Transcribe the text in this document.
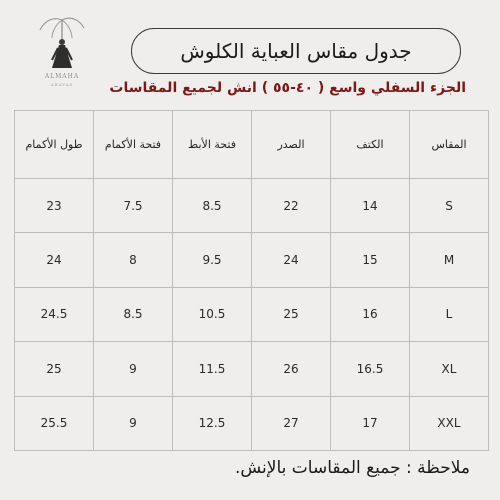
ALMAHA
ABAYAS
جدول مقاس العباية الكلوش
الجزء السفلي واسع ( ٤٠-٥٥ ) انش لجميع المقاسات
المقاس	الكتف	الصدر	فتحة الأبط	فتحة الأكمام	طول الأكمام
S	14	22	8.5	7.5	23
M	15	24	9.5	8	24
L	16	25	10.5	8.5	24.5
XL	16.5	26	11.5	9	25
XXL	17	27	12.5	9	25.5
ملاحظة : جميع المقاسات بالإنش.
